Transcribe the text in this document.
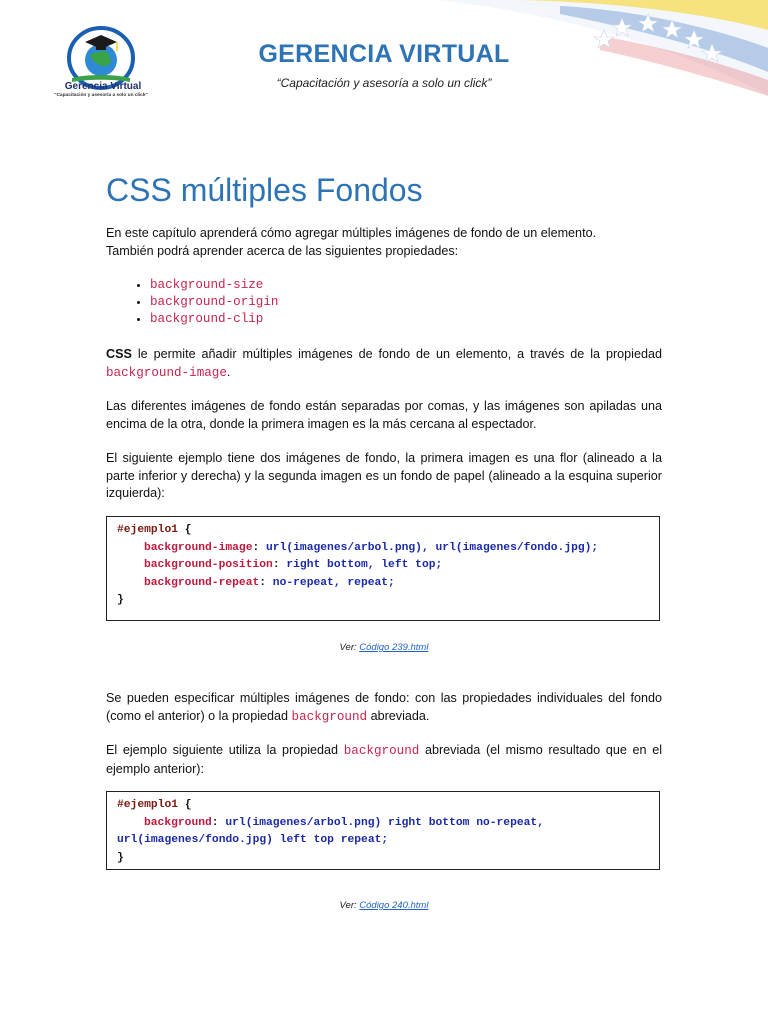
Gerencia Virtual
"Capacitación y asesoría a solo un click"
GERENCIA VIRTUAL
“Capacitación y asesoría a solo un click”
CSS múltiples Fondos

En este capítulo aprenderá cómo agregar múltiples imágenes de fondo de un elemento.
También podrá aprender acerca de las siguientes propiedades:

• background-size
• background-origin
• background-clip

CSS le permite añadir múltiples imágenes de fondo de un elemento, a través de la propiedad background-image.

Las diferentes imágenes de fondo están separadas por comas, y las imágenes son apiladas una encima de la otra, donde la primera imagen es la más cercana al espectador.

El siguiente ejemplo tiene dos imágenes de fondo, la primera imagen es una flor (alineado a la parte inferior y derecha) y la segunda imagen es un fondo de papel (alineado a la esquina superior izquierda):

#ejemplo1 {
background-image: url(imagenes/arbol.png), url(imagenes/fondo.jpg);
background-position: right bottom, left top;
background-repeat: no-repeat, repeat;
}
Ver: Código 239.html

Se pueden especificar múltiples imágenes de fondo: con las propiedades individuales del fondo (como el anterior) o la propiedad background abreviada.

El ejemplo siguiente utiliza la propiedad background abreviada (el mismo resultado que en el ejemplo anterior):

#ejemplo1 {
background: url(imagenes/arbol.png) right bottom no-repeat,
url(imagenes/fondo.jpg) left top repeat;
}
Ver: Código 240.html
